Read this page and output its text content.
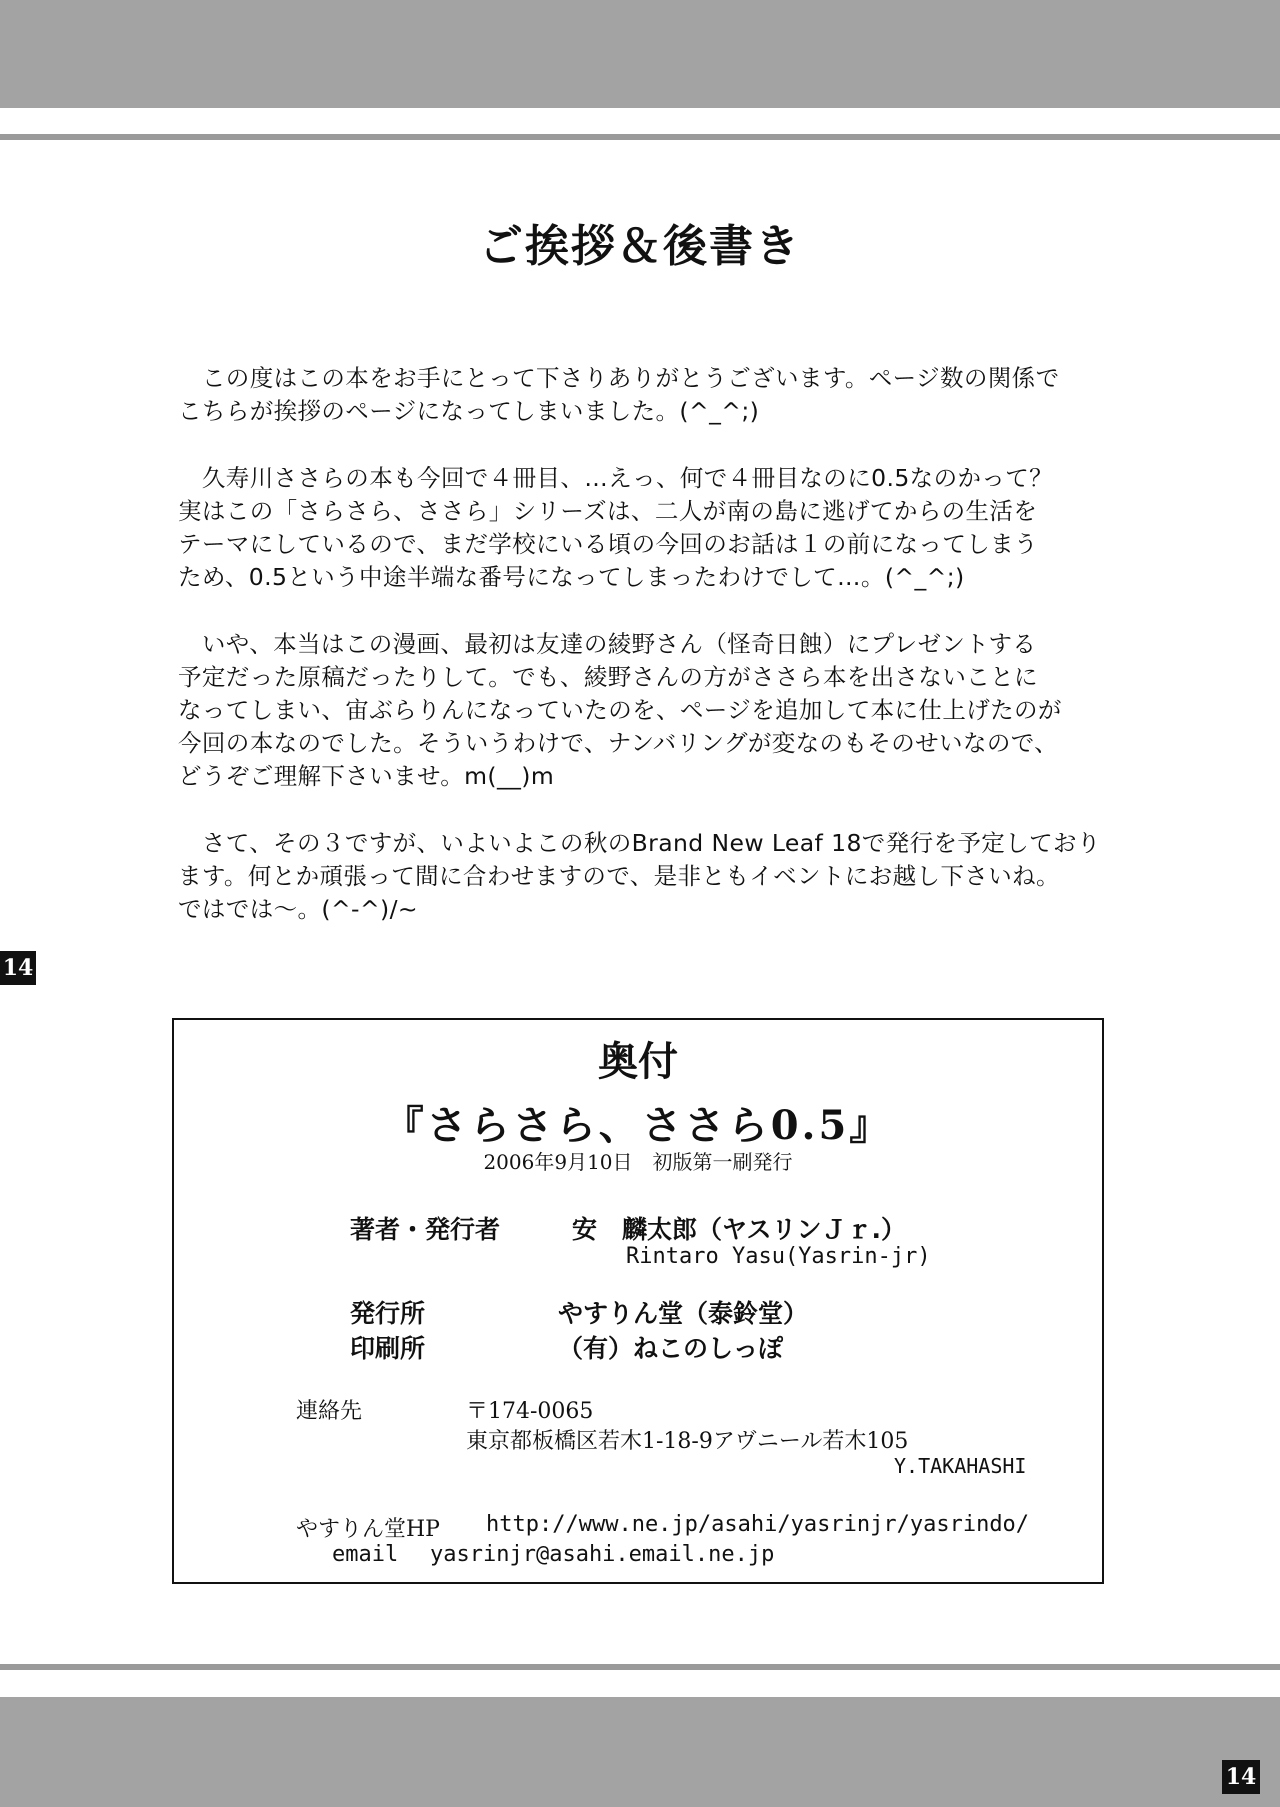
ご挨拶＆後書き

　この度はこの本をお手にとって下さりありがとうございます。ページ数の関係で
こちらが挨拶のページになってしまいました。(^_^;)

　久寿川ささらの本も今回で４冊目、…えっ、何で４冊目なのに0.5なのかって？
実はこの「さらさら、ささら」シリーズは、二人が南の島に逃げてからの生活を
テーマにしているので、まだ学校にいる頃の今回のお話は１の前になってしまう
ため、0.5という中途半端な番号になってしまったわけでして…。(^_^;)

　いや、本当はこの漫画、最初は友達の綾野さん（怪奇日蝕）にプレゼントする
予定だった原稿だったりして。でも、綾野さんの方がささら本を出さないことに
なってしまい、宙ぶらりんになっていたのを、ページを追加して本に仕上げたのが
今回の本なのでした。そういうわけで、ナンバリングが変なのもそのせいなので、
どうぞご理解下さいませ。m(__)m

　さて、その３ですが、いよいよこの秋のBrand New Leaf 18で発行を予定しており
ます。何とか頑張って間に合わせますので、是非ともイベントにお越し下さいね。
ではでは〜。(^-^)/~

14
奥付
『さらさら、ささら0.5』
2006年9月10日　初版第一刷発行
著者・発行者	安　麟太郎（ヤスリンＪｒ.）
Rintaro Yasu(Yasrin-jr)
発行所	やすりん堂（泰鈴堂）
印刷所	（有）ねこのしっぽ
連絡先	〒174-0065
東京都板橋区若木1-18-9アヴニール若木105
Y.TAKAHASHI
やすりん堂HP http://www.ne.jp/asahi/yasrinjr/yasrindo/
email yasrinjr@asahi.email.ne.jp
14
